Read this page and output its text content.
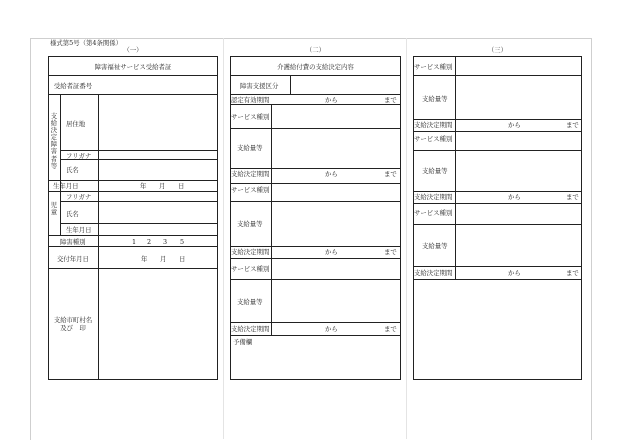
様式第5号（第4条関係）
（一）	（二）	（三）
障害福祉サービス受給者証
受給者証番号
支給決定障害者等
居住地
フリガナ
氏名
生年月日	年 月 日
児童
フリガナ
氏名
生年月日
障害種別	1 2 3 5
交付年月日	年 月 日
支給市町村名
及び　印
介護給付費の支給決定内容
障害支援区分
認定有効期間	から	まで
サービス種別
支給量等
支給決定期間	から	まで
サービス種別
支給量等
支給決定期間	から	まで
サービス種別
支給量等
支給決定期間	から	まで
予備欄
サービス種別
支給量等
支給決定期間	から	まで
サービス種別
支給量等
支給決定期間	から	まで
サービス種別
支給量等
支給決定期間	から	まで
